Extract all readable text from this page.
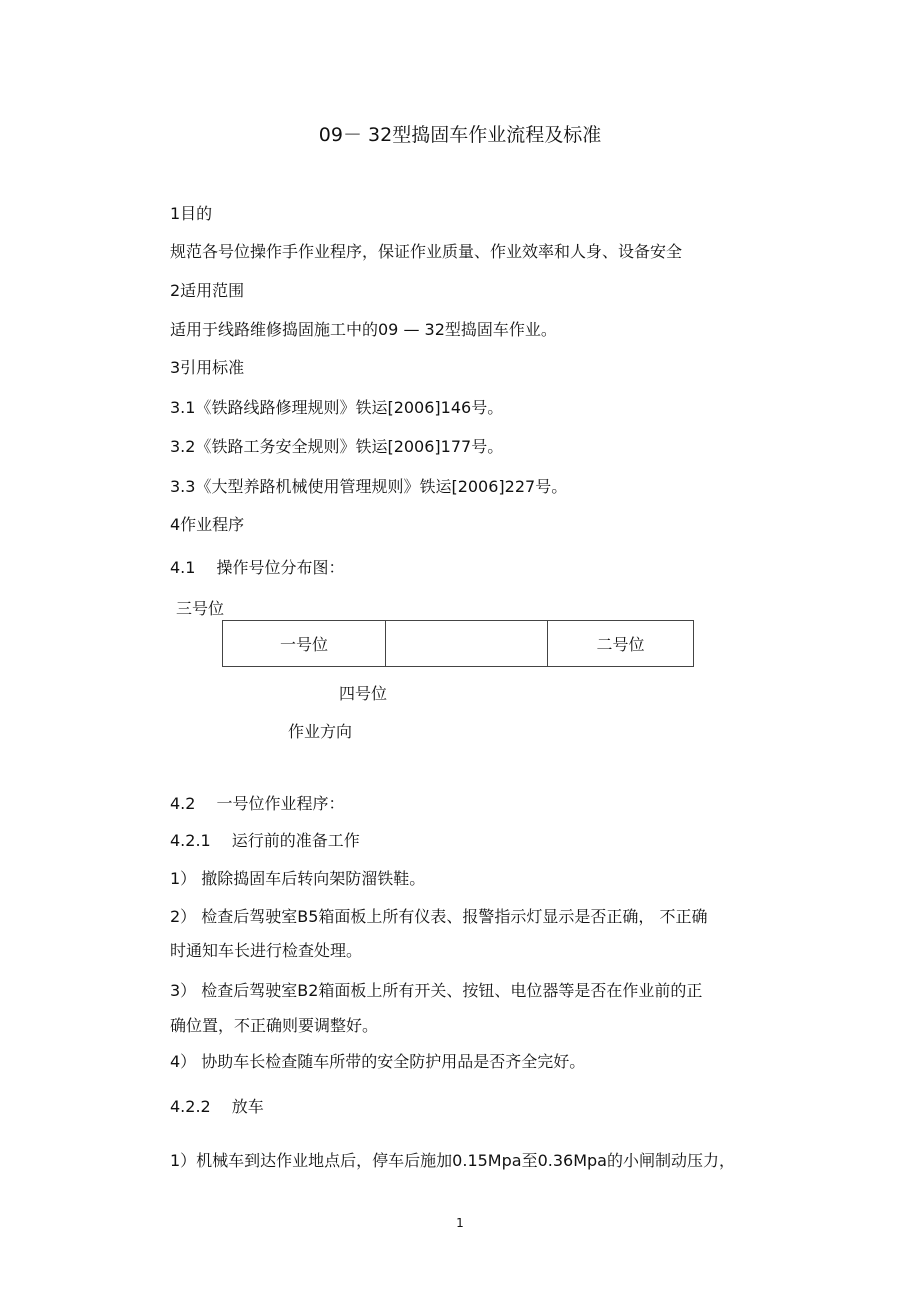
09－ 32型捣固车作业流程及标准
1目的
规范各号位操作手作业程序，保证作业质量、作业效率和人身、设备安全
2适用范围
适用于线路维修捣固施工中的09 — 32型捣固车作业。
3引用标准
3.1《铁路线路修理规则》铁运[2006]146号。
3.2《铁路工务安全规则》铁运[2006]177号。
3.3《大型养路机械使用管理规则》铁运[2006]227号。
4作业程序
4.1　 操作号位分布图：
三号位
一号位	二号位
四号位
作业方向
4.2　 一号位作业程序：
4.2.1　 运行前的准备工作
1） 撤除捣固车后转向架防溜铁鞋。
2） 检查后驾驶室B5箱面板上所有仪表、报警指示灯显示是否正确， 不正确
时通知车长进行检查处理。
3） 检查后驾驶室B2箱面板上所有开关、按钮、电位器等是否在作业前的正
确位置，不正确则要调整好。
4） 协助车长检查随车所带的安全防护用品是否齐全完好。
4.2.2　 放车
1）机械车到达作业地点后，停车后施加0.15Mpa至0.36Mpa的小闸制动压力，
1
